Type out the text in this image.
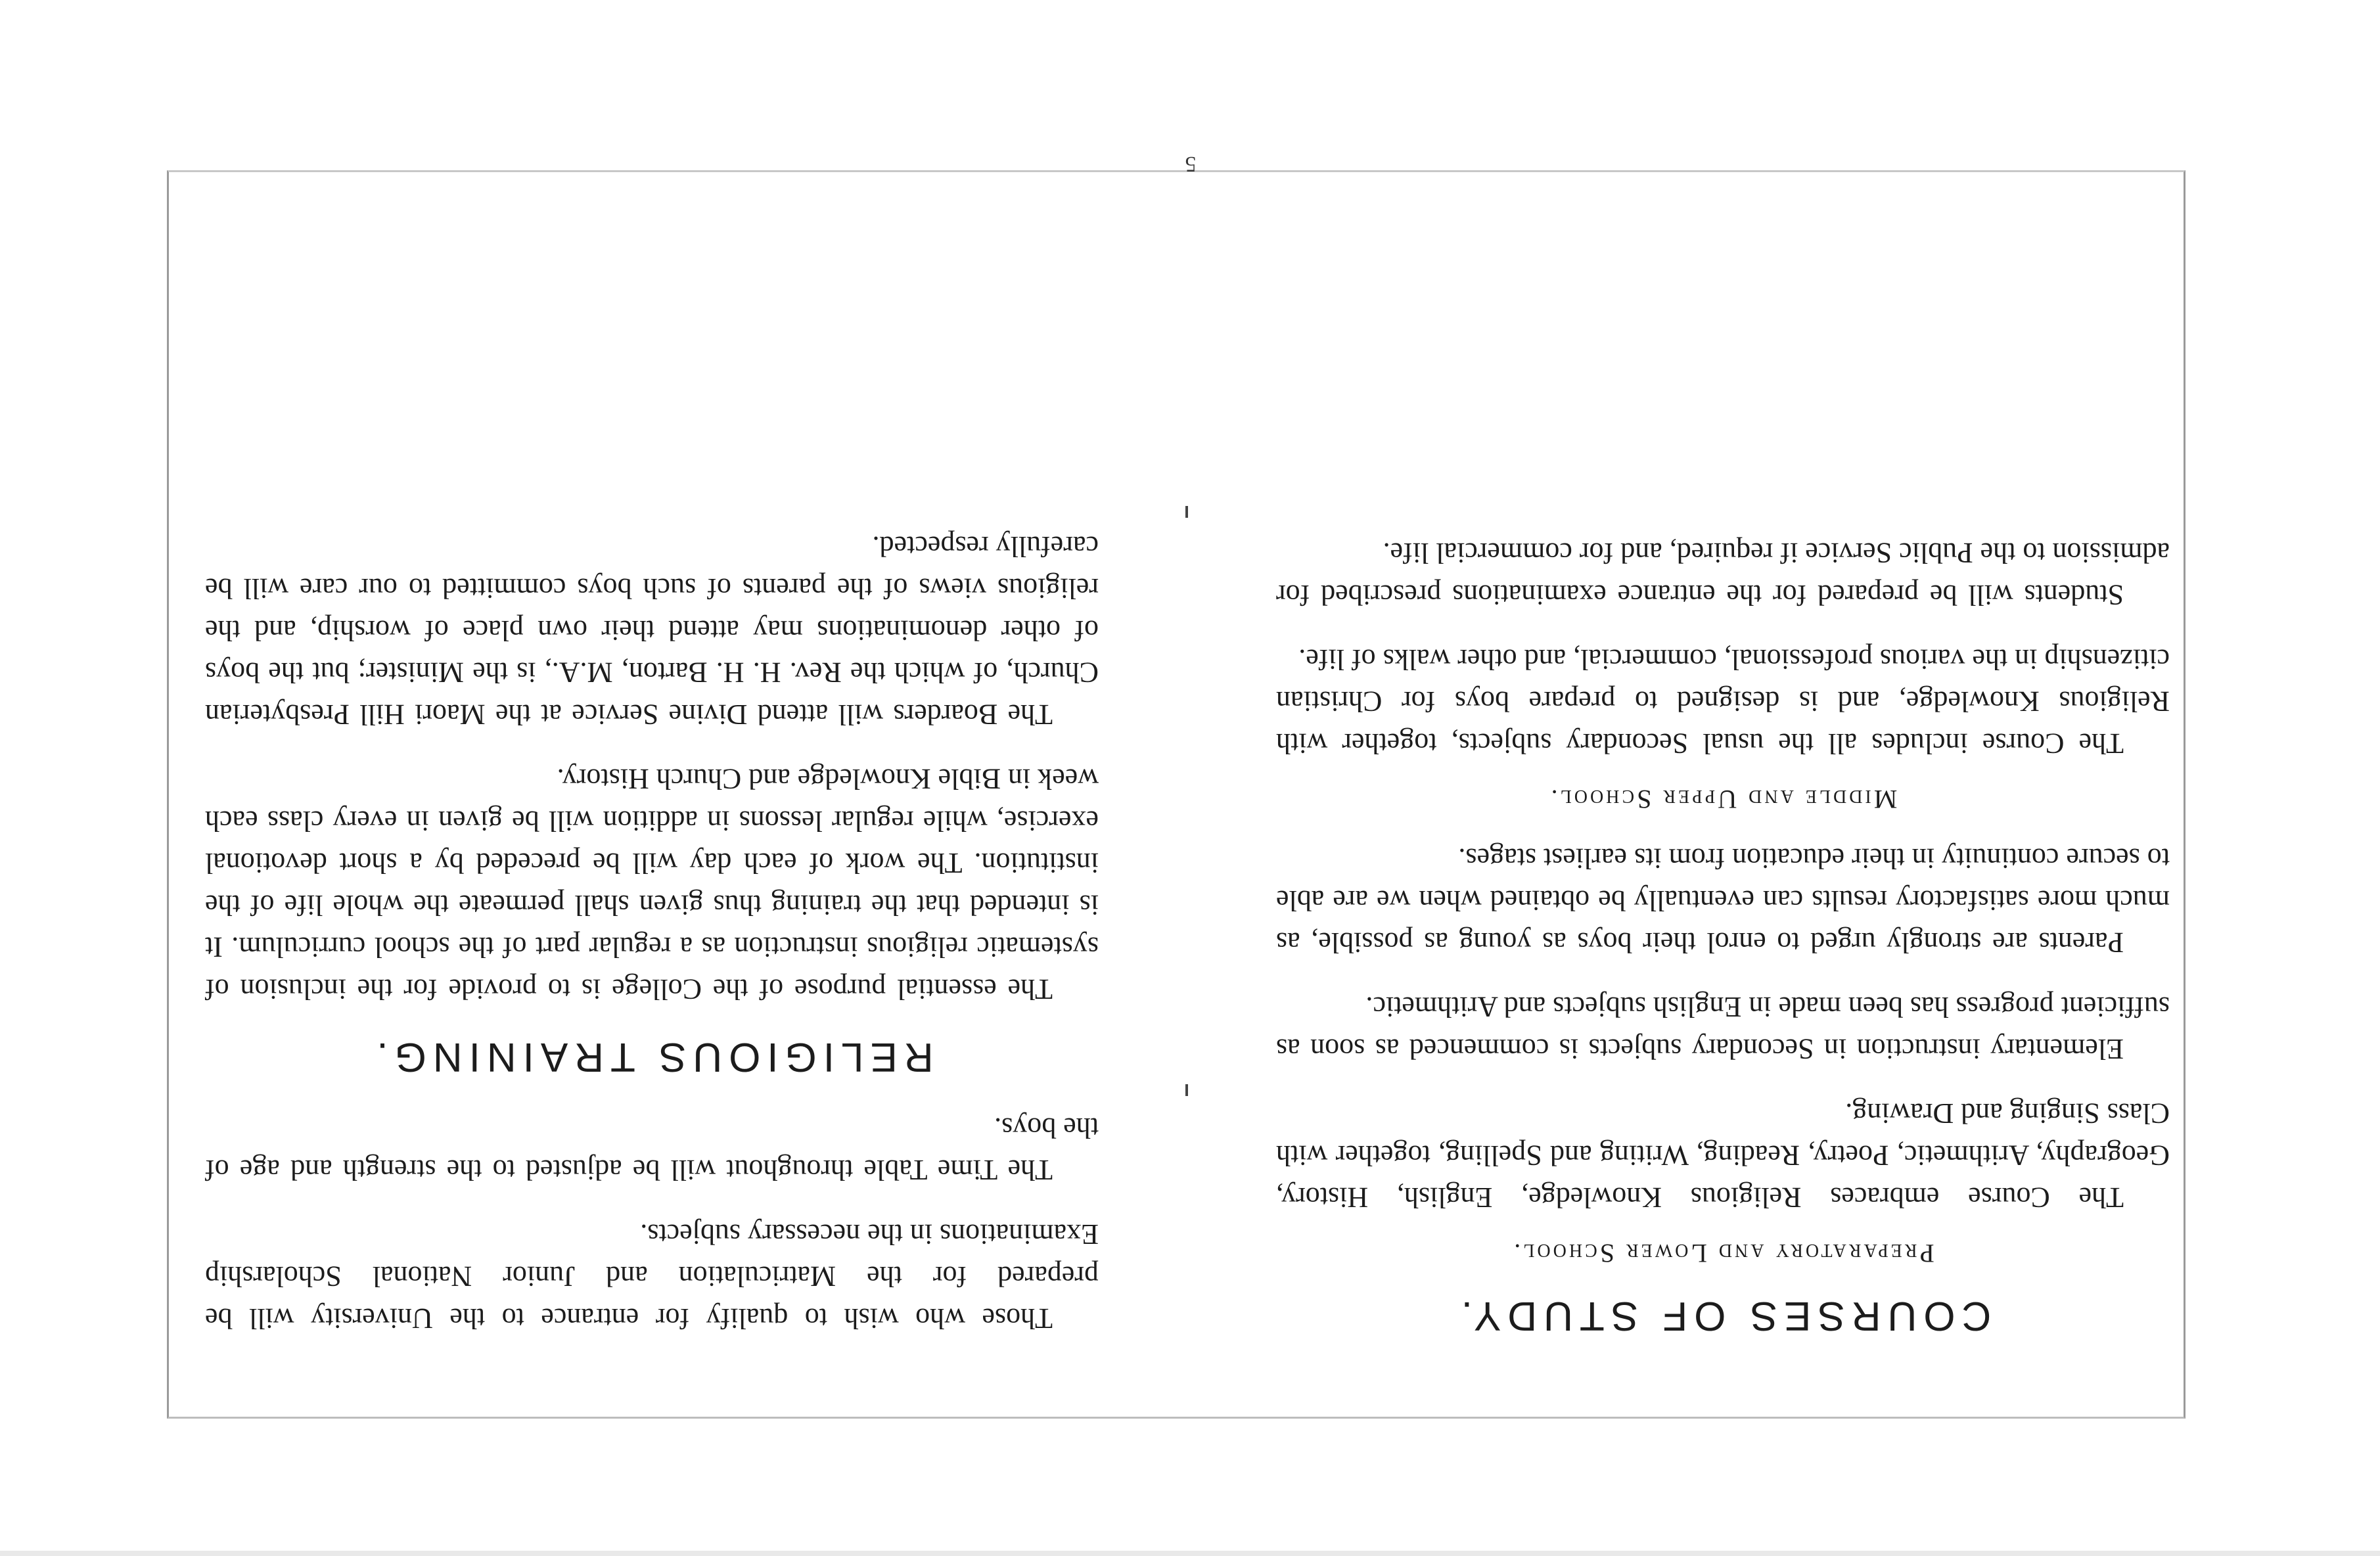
5
COURSES OF STUDY.
Preparatory and Lower School.

The Course embraces Religious Knowledge, English, History, Geography, Arithmetic, Poetry, Reading, Writing and Spelling, together with Class Singing and Drawing.

Elementary instruction in Secondary subjects is commenced as soon as sufficient progress has been made in English subjects and Arithmetic.

Parents are strongly urged to enrol their boys as young as possible, as much more satisfactory results can eventually be obtained when we are able to secure continuity in their education from its earliest stages.

Middle and Upper School.

The Course includes all the usual Secondary subjects, together with Religious Knowledge, and is designed to prepare boys for Christian citizenship in the various professional, commercial, and other walks of life.

Students will be prepared for the entrance examinations prescribed for admission to the Public Service if required, and for commercial life.

Those who wish to qualify for entrance to the University will be prepared for the Matriculation and Junior National Scholarship Examinations in the necessary subjects.

The Time Table throughout will be adjusted to the strength and age of the boys.

RELIGIOUS TRAINING.

The essential purpose of the College is to provide for the inclusion of systematic religious instruction as a regular part of the school curriculum. It is intended that the training thus given shall permeate the whole life of the institution. The work of each day will be preceded by a short devotional exercise, while regular lessons in addition will be given in every class each week in Bible Knowledge and Church History.

The Boarders will attend Divine Service at the Maori Hill Presbyterian Church, of which the Rev. H. H. Barton, M.A., is the Minister; but the boys of other denominations may attend their own place of worship, and the religious views of the parents of such boys committed to our care will be carefully respected.
